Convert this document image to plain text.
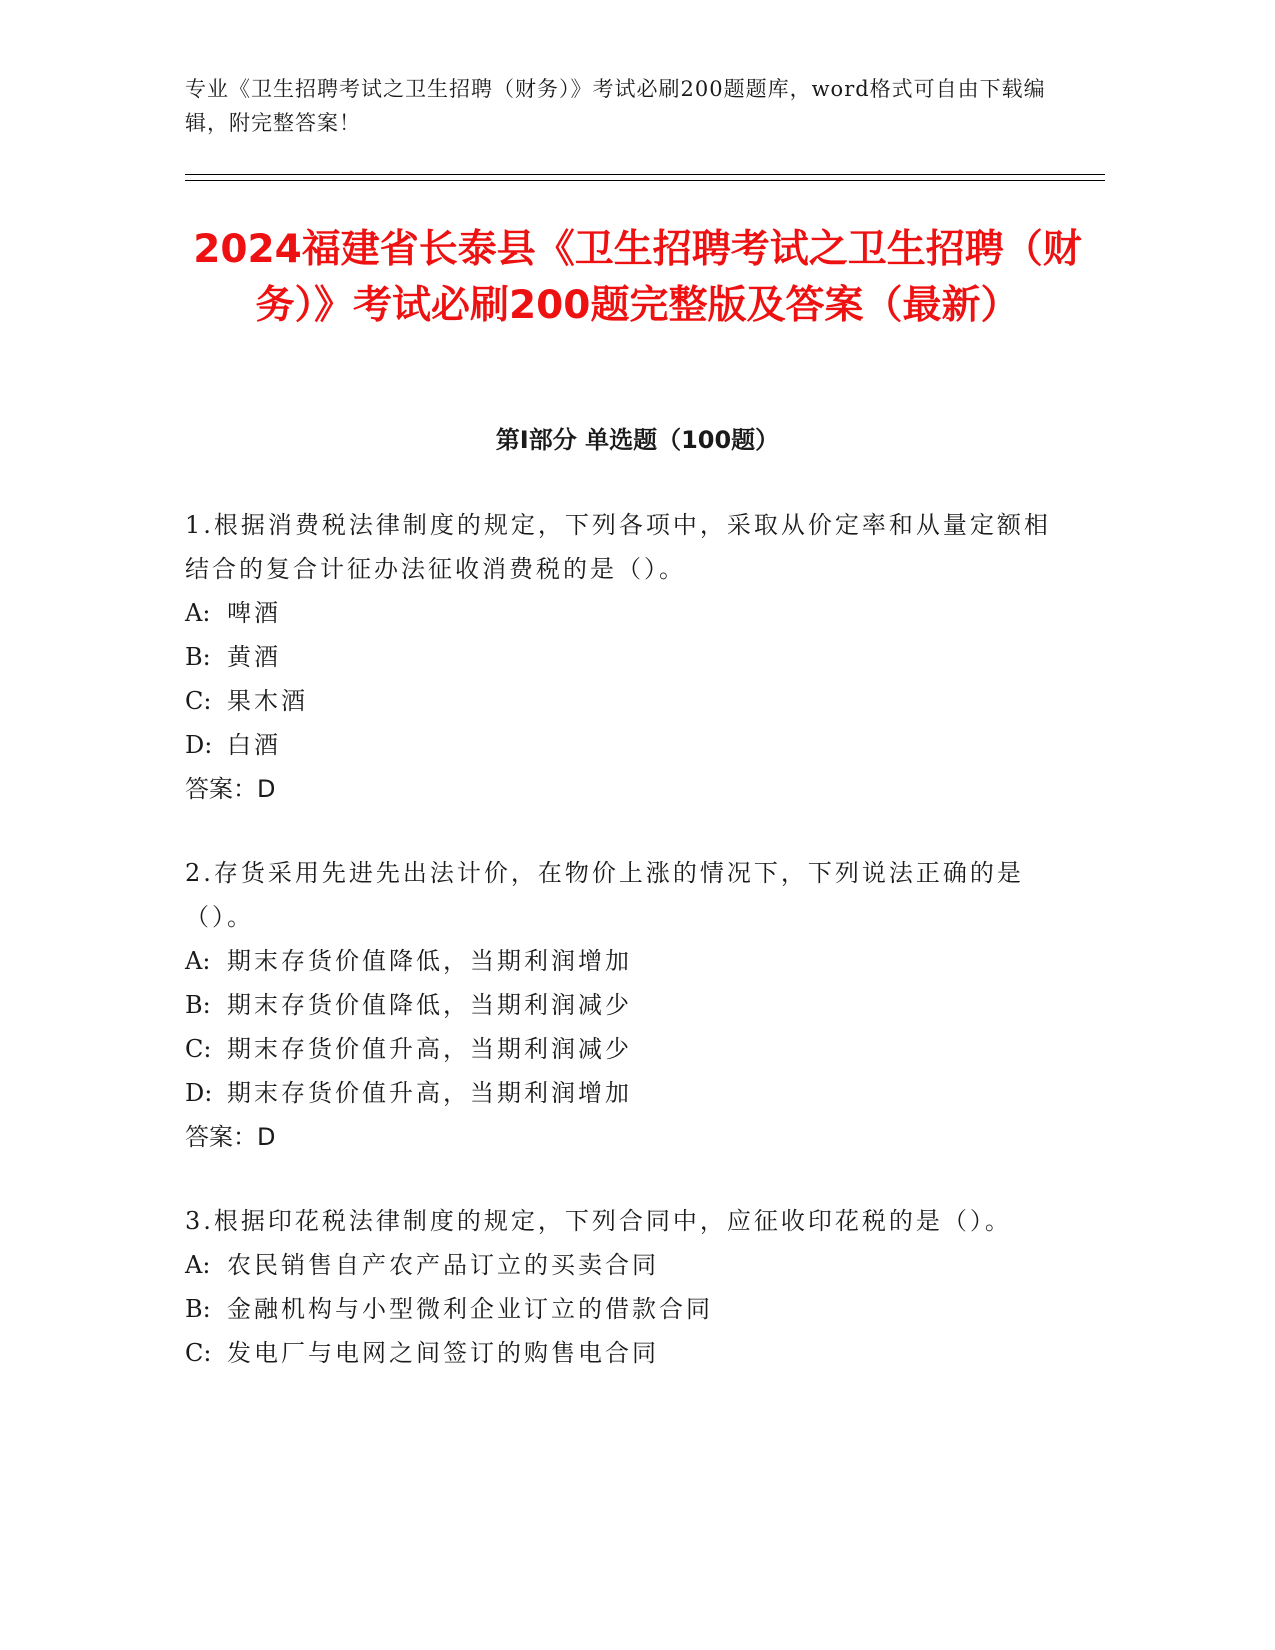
专业《卫生招聘考试之卫生招聘（财务）》考试必刷200题题库，word格式可自由下载编辑，附完整答案！
2024福建省长泰县《卫生招聘考试之卫生招聘（财务）》考试必刷200题完整版及答案（最新）
第I部分 单选题（100题）
1.根据消费税法律制度的规定，下列各项中，采取从价定率和从量定额相结合的复合计征办法征收消费税的是（）。
A: 啤酒
B: 黄酒
C: 果木酒
D: 白酒
答案：D
2.存货采用先进先出法计价，在物价上涨的情况下，下列说法正确的是（）。
A: 期末存货价值降低，当期利润增加
B: 期末存货价值降低，当期利润减少
C: 期末存货价值升高，当期利润减少
D: 期末存货价值升高，当期利润增加
答案：D
3.根据印花税法律制度的规定，下列合同中，应征收印花税的是（）。
A: 农民销售自产农产品订立的买卖合同
B: 金融机构与小型微利企业订立的借款合同
C: 发电厂与电网之间签订的购售电合同
